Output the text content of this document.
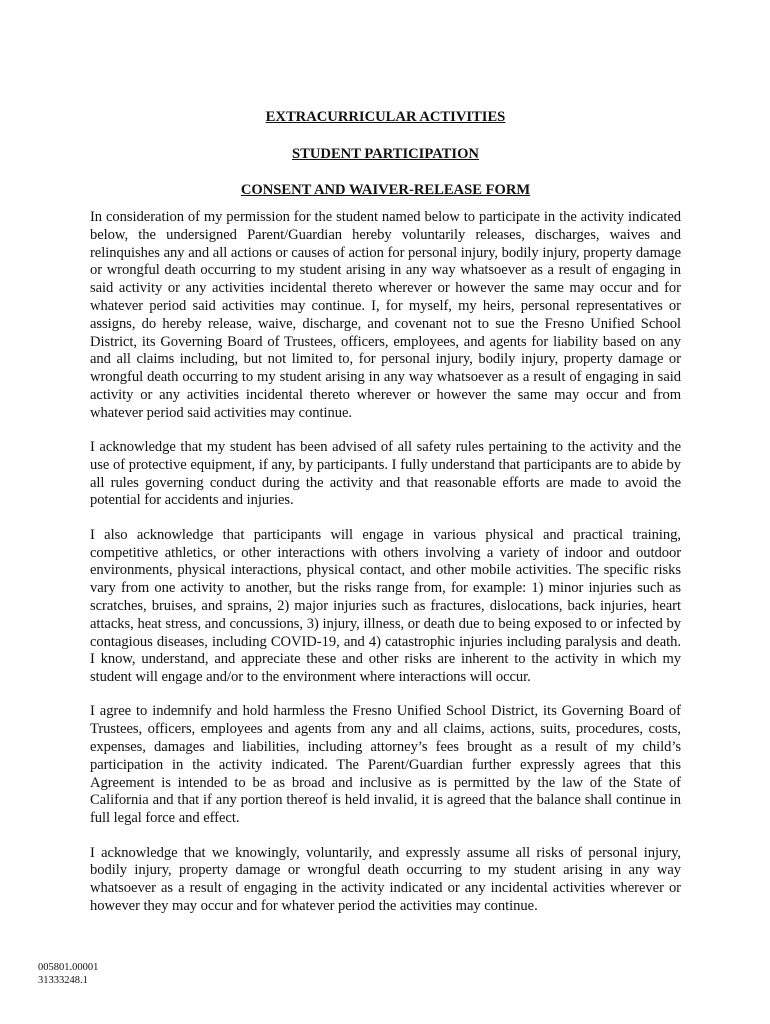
EXTRACURRICULAR ACTIVITIES
STUDENT PARTICIPATION
CONSENT AND WAIVER-RELEASE FORM

In consideration of my permission for the student named below to participate in the activity indicated below, the undersigned Parent/Guardian hereby voluntarily releases, discharges, waives and relinquishes any and all actions or causes of action for personal injury, bodily injury, property damage or wrongful death occurring to my student arising in any way whatsoever as a result of engaging in said activity or any activities incidental thereto wherever or however the same may occur and for whatever period said activities may continue. I, for myself, my heirs, personal representatives or assigns, do hereby release, waive, discharge, and covenant not to sue the Fresno Unified School District, its Governing Board of Trustees, officers, employees, and agents for liability based on any and all claims including, but not limited to, for personal injury, bodily injury, property damage or wrongful death occurring to my student arising in any way whatsoever as a result of engaging in said activity or any activities incidental thereto wherever or however the same may occur and from whatever period said activities may continue.

I acknowledge that my student has been advised of all safety rules pertaining to the activity and the use of protective equipment, if any, by participants. I fully understand that participants are to abide by all rules governing conduct during the activity and that reasonable efforts are made to avoid the potential for accidents and injuries.

I also acknowledge that participants will engage in various physical and practical training, competitive athletics, or other interactions with others involving a variety of indoor and outdoor environments, physical interactions, physical contact, and other mobile activities. The specific risks vary from one activity to another, but the risks range from, for example: 1) minor injuries such as scratches, bruises, and sprains, 2) major injuries such as fractures, dislocations, back injuries, heart attacks, heat stress, and concussions, 3) injury, illness, or death due to being exposed to or infected by contagious diseases, including COVID-19, and 4) catastrophic injuries including paralysis and death. I know, understand, and appreciate these and other risks are inherent to the activity in which my student will engage and/or to the environment where interactions will occur.

I agree to indemnify and hold harmless the Fresno Unified School District, its Governing Board of Trustees, officers, employees and agents from any and all claims, actions, suits, procedures, costs, expenses, damages and liabilities, including attorney’s fees brought as a result of my child’s participation in the activity indicated. The Parent/Guardian further expressly agrees that this Agreement is intended to be as broad and inclusive as is permitted by the law of the State of California and that if any portion thereof is held invalid, it is agreed that the balance shall continue in full legal force and effect.

I acknowledge that we knowingly, voluntarily, and expressly assume all risks of personal injury, bodily injury, property damage or wrongful death occurring to my student arising in any way whatsoever as a result of engaging in the activity indicated or any incidental activities wherever or however they may occur and for whatever period the activities may continue.

005801.00001
31333248.1
